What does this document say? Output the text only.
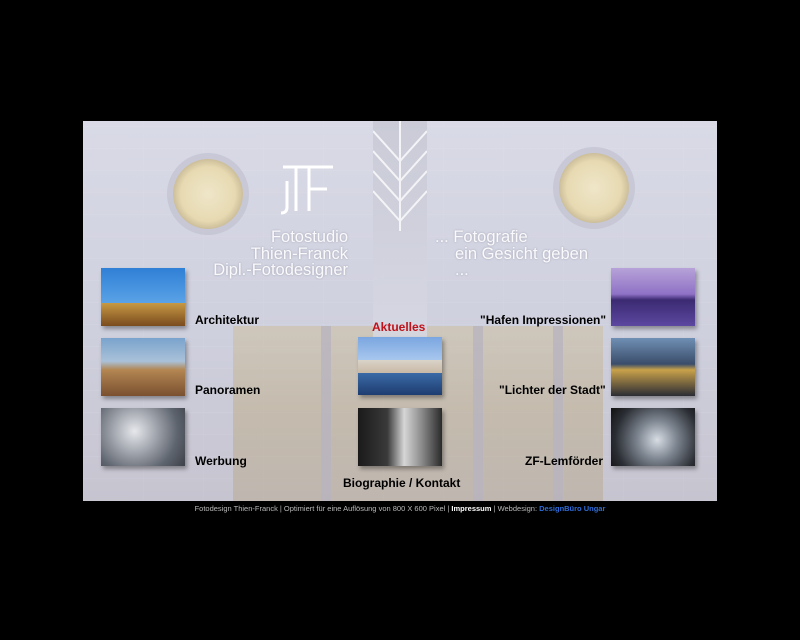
Fotostudio
Thien-Franck
Dipl.-Fotodesigner
... Fotografie
ein Gesicht geben ...
Architektur
Panoramen
Werbung
Aktuelles
Biographie / Kontakt
"Hafen Impressionen"
"Lichter der Stadt"
ZF-Lemförder
Fotodesign Thien-Franck | Optimiert für eine Auflösung von 800 X 600 Pixel | Impressum | Webdesign: DesignBüro Ungar
